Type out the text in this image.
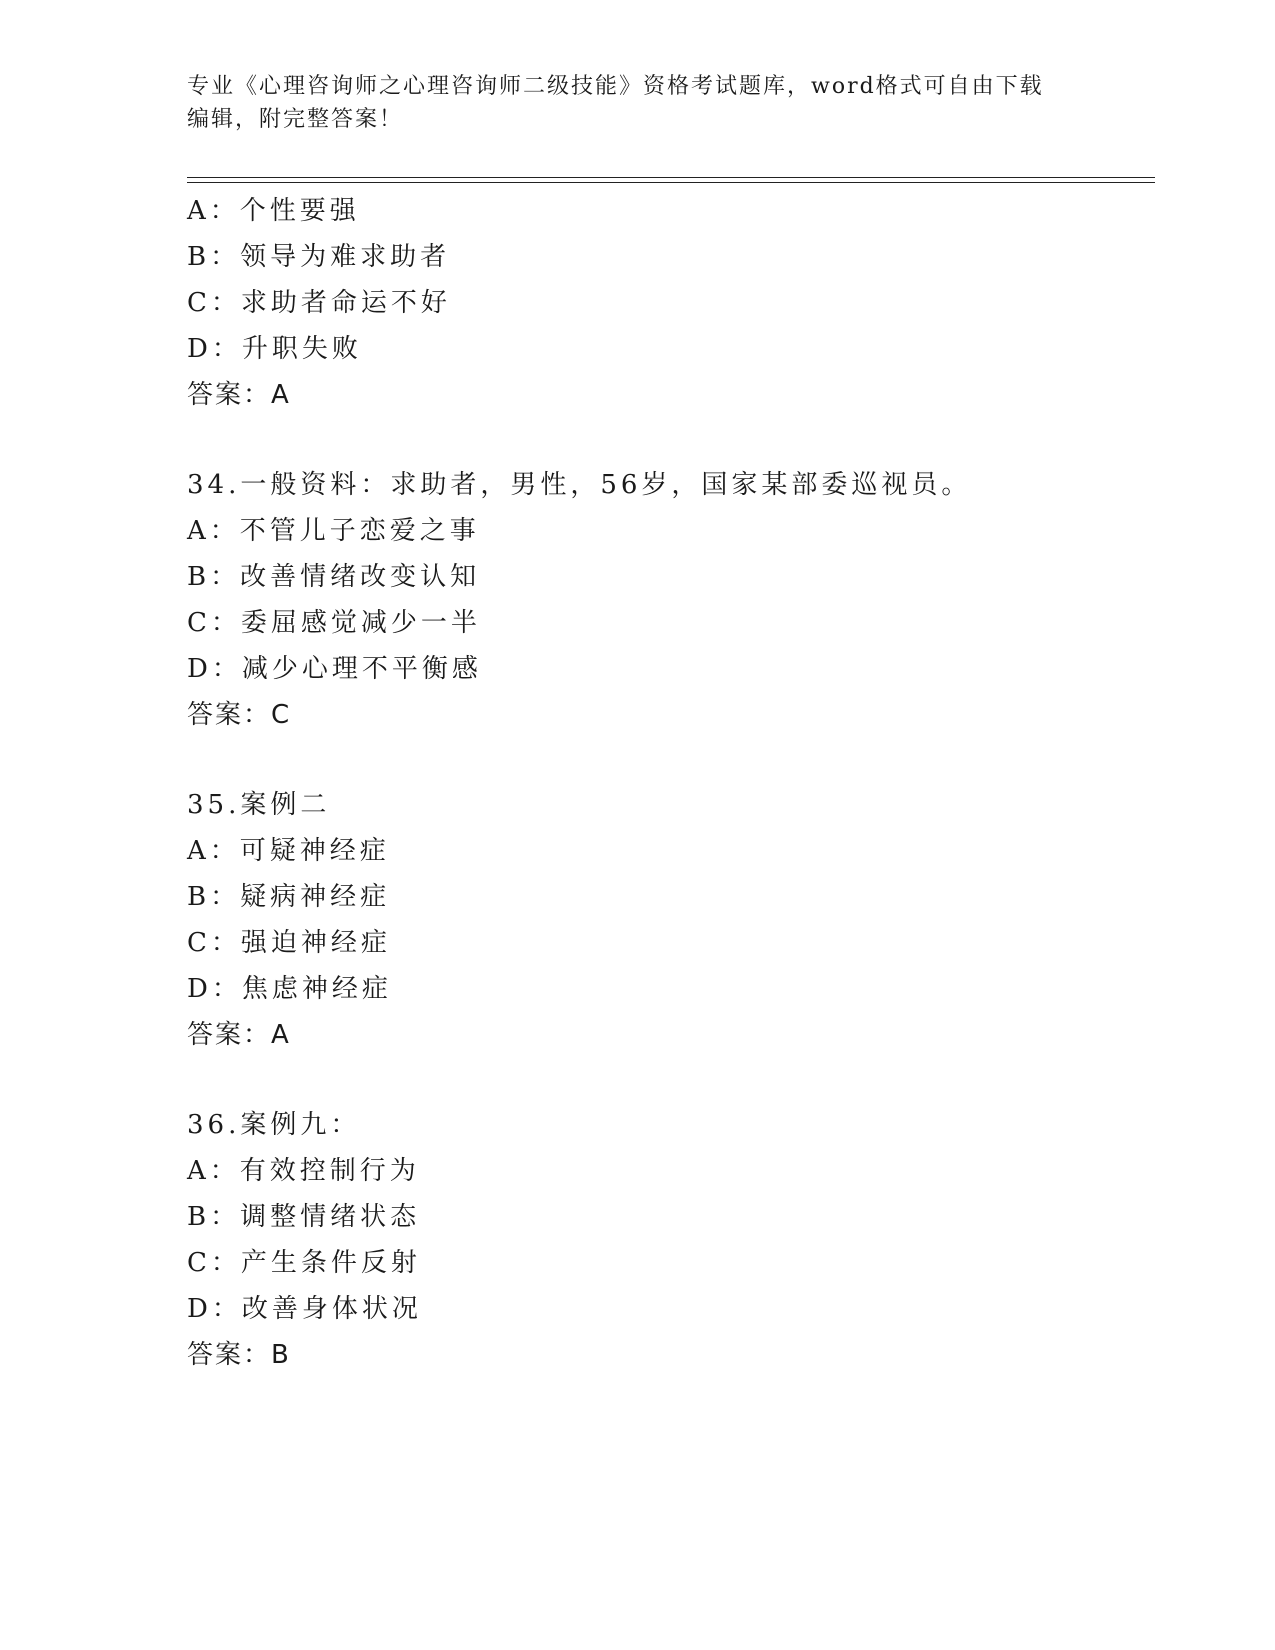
专业《心理咨询师之心理咨询师二级技能》资格考试题库，word格式可自由下载
编辑，附完整答案！
A：个性要强
B：领导为难求助者
C：求助者命运不好
D：升职失败
答案：A
34.一般资料：求助者，男性，56岁，国家某部委巡视员。
A：不管儿子恋爱之事
B：改善情绪改变认知
C：委屈感觉减少一半
D：减少心理不平衡感
答案：C
35.案例二
A：可疑神经症
B：疑病神经症
C：强迫神经症
D：焦虑神经症
答案：A
36.案例九：
A：有效控制行为
B：调整情绪状态
C：产生条件反射
D：改善身体状况
答案：B
